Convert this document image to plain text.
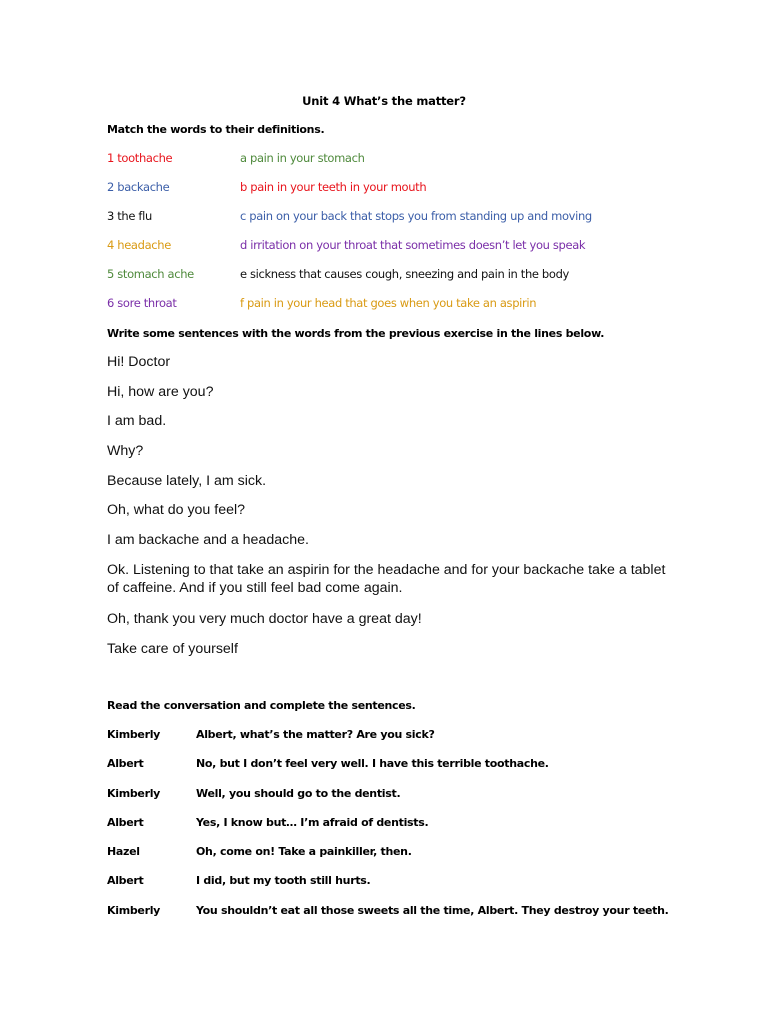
Unit 4 What’s the matter?
Match the words to their definitions.
1 toothache	a pain in your stomach
2 backache	b pain in your teeth in your mouth
3 the flu	c pain on your back that stops you from standing up and moving
4 headache	d irritation on your throat that sometimes doesn’t let you speak
5 stomach ache	e sickness that causes cough, sneezing and pain in the body
6 sore throat	f pain in your head that goes when you take an aspirin
Write some sentences with the words from the previous exercise in the lines below.
Hi! Doctor
Hi, how are you?
I am bad.
Why?
Because lately, I am sick.
Oh, what do you feel?
I am backache and a headache.
Ok. Listening to that take an aspirin for the headache and for your backache take a tablet of caffeine. And if you still feel bad come again.
Oh, thank you very much doctor have a great day!
Take care of yourself
Read the conversation and complete the sentences.
Kimberly	Albert, what’s the matter? Are you sick?
Albert	No, but I don’t feel very well. I have this terrible toothache.
Kimberly	Well, you should go to the dentist.
Albert	Yes, I know but… I’m afraid of dentists.
Hazel	Oh, come on! Take a painkiller, then.
Albert	I did, but my tooth still hurts.
Kimberly	You shouldn’t eat all those sweets all the time, Albert. They destroy your teeth.
